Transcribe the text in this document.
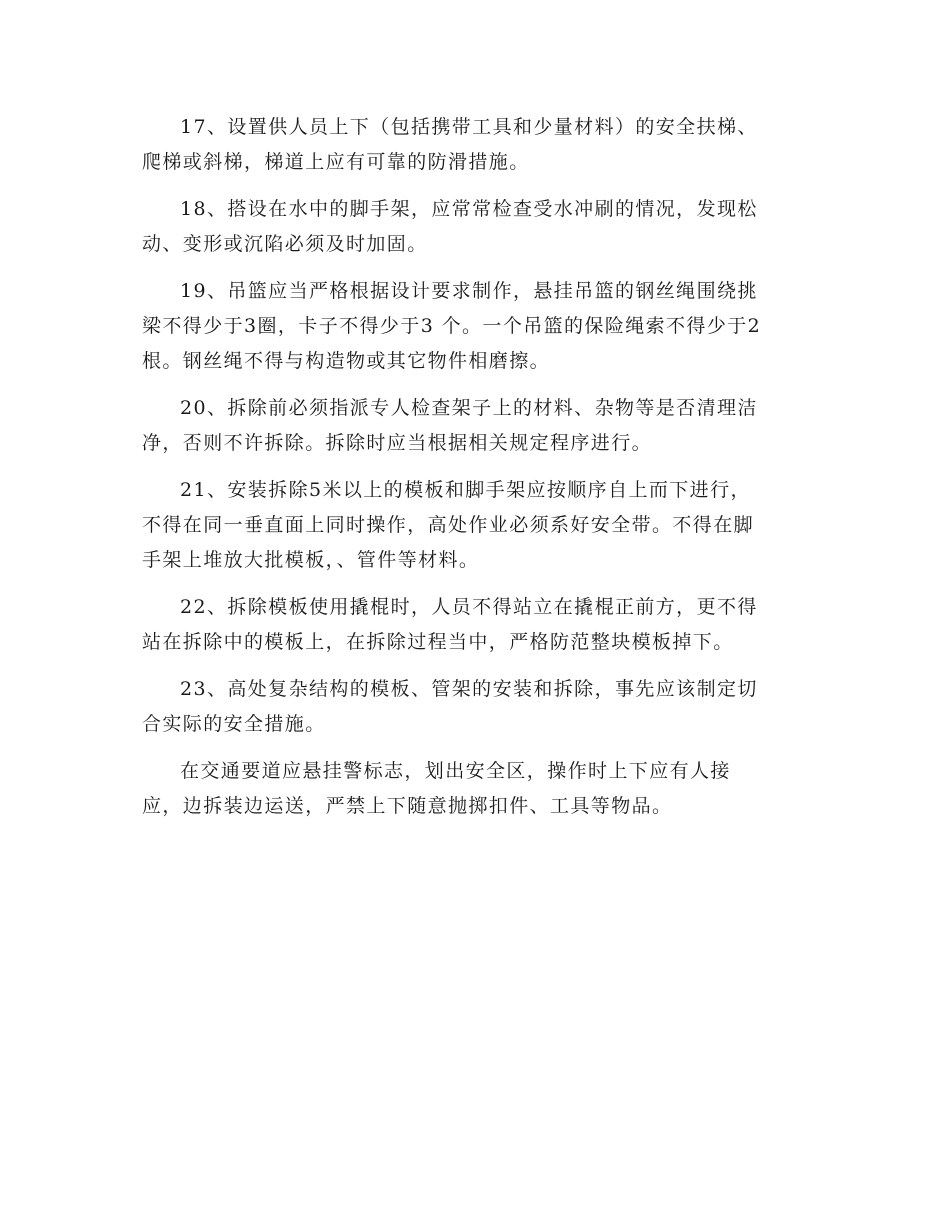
17、设置供人员上下（包括携带工具和少量材料）的安全扶梯、
爬梯或斜梯，梯道上应有可靠的防滑措施。

18、搭设在水中的脚手架，应常常检查受水冲刷的情况，发现松
动、变形或沉陷必须及时加固。

19、吊篮应当严格根据设计要求制作，悬挂吊篮的钢丝绳围绕挑
梁不得少于3圈，卡子不得少于3 个。一个吊篮的保险绳索不得少于2
根。钢丝绳不得与构造物或其它物件相磨擦。

20、拆除前必须指派专人检查架子上的材料、杂物等是否清理洁
净，否则不许拆除。拆除时应当根据相关规定程序进行。

21、安装拆除5米以上的模板和脚手架应按顺序自上而下进行，
不得在同一垂直面上同时操作，高处作业必须系好安全带。不得在脚
手架上堆放大批模板，、管件等材料。

22、拆除模板使用撬棍时，人员不得站立在撬棍正前方，更不得
站在拆除中的模板上，在拆除过程当中，严格防范整块模板掉下。

23、高处复杂结构的模板、管架的安装和拆除，事先应该制定切
合实际的安全措施。

在交通要道应悬挂警标志，划出安全区，操作时上下应有人接
应，边拆装边运送，严禁上下随意抛掷扣件、工具等物品。
